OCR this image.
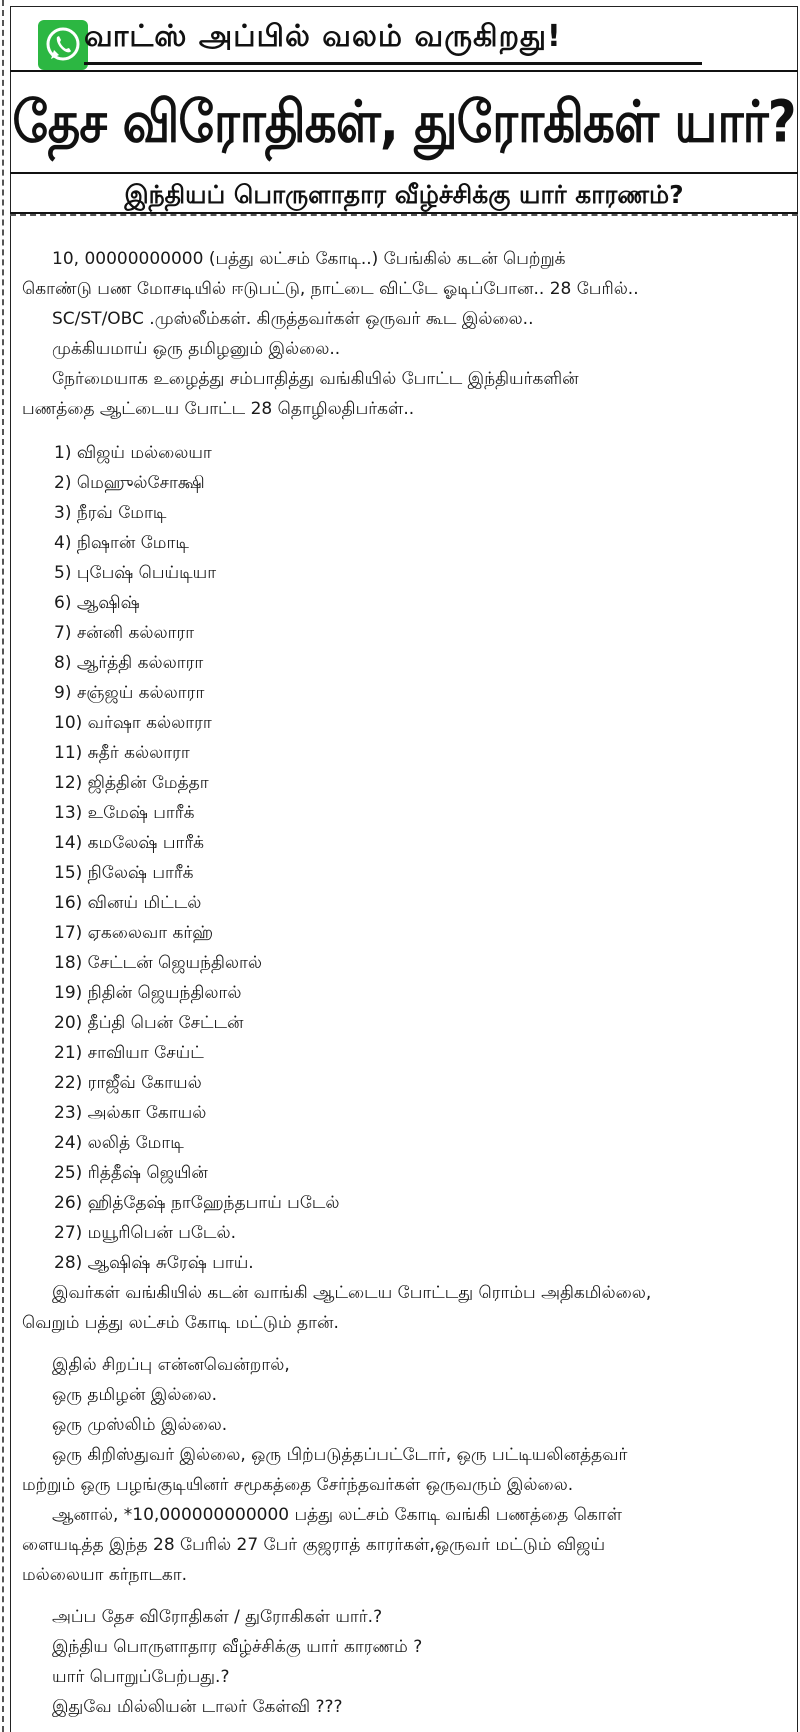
வாட்ஸ் அப்பில் வலம் வருகிறது!
தேச விரோதிகள், துரோகிகள் யார்?
இந்தியப் பொருளாதார வீழ்ச்சிக்கு யார் காரணம்?
10, 00000000000 (பத்து லட்சம் கோடி..) பேங்கில் கடன் பெற்றுக்
கொண்டு பண மோசடியில் ஈடுபட்டு, நாட்டை விட்டே ஓடிப்போன.. 28 பேரில்..
SC/ST/OBC .முஸ்லீம்கள். கிருத்தவர்கள் ஒருவர் கூட இல்லை..
முக்கியமாய் ஒரு தமிழனும் இல்லை..
நேர்மையாக உழைத்து சம்பாதித்து வங்கியில் போட்ட இந்தியர்களின்
பணத்தை ஆட்டைய போட்ட 28 தொழிலதிபர்கள்..
1) விஜய் மல்லையா
2) மெஹுல்சோக்ஷி
3) நீரவ் மோடி
4) நிஷான் மோடி
5) புபேஷ் பெய்டியா
6) ஆஷிஷ்
7) சன்னி கல்லாரா
8) ஆர்த்தி கல்லாரா
9) சஞ்ஜய் கல்லாரா
10) வர்ஷா கல்லாரா
11) சுதீர் கல்லாரா
12) ஜித்தின் மேத்தா
13) உமேஷ் பாரீக்
14) கமலேஷ் பாரீக்
15) நிலேஷ் பாரீக்
16) வினய் மிட்டல்
17) ஏகலைவா கர்ஹ்
18) சேட்டன் ஜெயந்திலால்
19) நிதின் ஜெயந்திலால்
20) தீப்தி பென் சேட்டன்
21) சாவியா சேய்ட்
22) ராஜீவ் கோயல்
23) அல்கா கோயல்
24) லலித் மோடி
25) ரித்தீஷ் ஜெயின்
26) ஹித்தேஷ் நாஹேந்தபாய் படேல்
27) மயூரிபென் படேல்.
28) ஆஷிஷ் சுரேஷ் பாய்.
இவர்கள் வங்கியில் கடன் வாங்கி ஆட்டைய போட்டது ரொம்ப அதிகமில்லை,
வெறும் பத்து லட்சம் கோடி மட்டும் தான்.
இதில் சிறப்பு என்னவென்றால்,
ஒரு தமிழன் இல்லை.
ஒரு முஸ்லிம் இல்லை.
ஒரு கிறிஸ்துவர் இல்லை, ஒரு பிற்படுத்தப்பட்டோர், ஒரு பட்டியலினத்தவர்
மற்றும் ஒரு பழங்குடியினர் சமூகத்தை சேர்ந்தவர்கள் ஒருவரும் இல்லை.
ஆனால், *10,000000000000 பத்து லட்சம் கோடி வங்கி பணத்தை கொள்
ளையடித்த இந்த 28 பேரில் 27 பேர் குஜராத் காரர்கள்,ஒருவர் மட்டும் விஜய்
மல்லையா கர்நாடகா.
அப்ப தேச விரோதிகள் / துரோகிகள் யார்.?
இந்திய பொருளாதார வீழ்ச்சிக்கு யார் காரணம் ?
யார் பொறுப்பேற்பது.?
இதுவே மில்லியன் டாலர் கேள்வி ???
